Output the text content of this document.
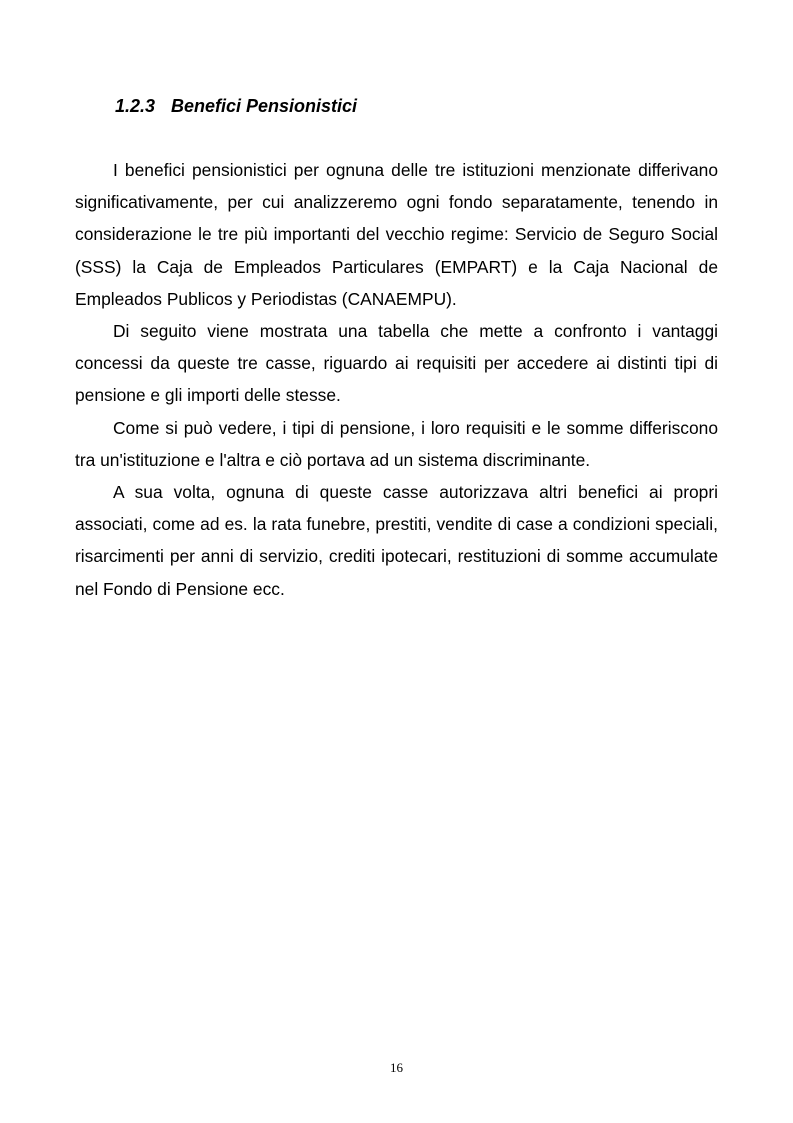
1.2.3 Benefici Pensionistici

I benefici pensionistici per ognuna delle tre istituzioni menzionate differivano significativamente, per cui analizzeremo ogni fondo separatamente, tenendo in considerazione le tre più importanti del vecchio regime: Servicio de Seguro Social (SSS) la Caja de Empleados Particulares (EMPART) e la Caja Nacional de Empleados Publicos y Periodistas (CANAEMPU).

Di seguito viene mostrata una tabella che mette a confronto i vantaggi concessi da queste tre casse, riguardo ai requisiti per accedere ai distinti tipi di pensione e gli importi delle stesse.

Come si può vedere, i tipi di pensione, i loro requisiti e le somme differiscono tra un'istituzione e l'altra e ciò portava ad un sistema discriminante.

A sua volta, ognuna di queste casse autorizzava altri benefici ai propri associati, come ad es. la rata funebre, prestiti, vendite di case a condizioni speciali, risarcimenti per anni di servizio, crediti ipotecari, restituzioni di somme accumulate nel Fondo di Pensione ecc.

16
